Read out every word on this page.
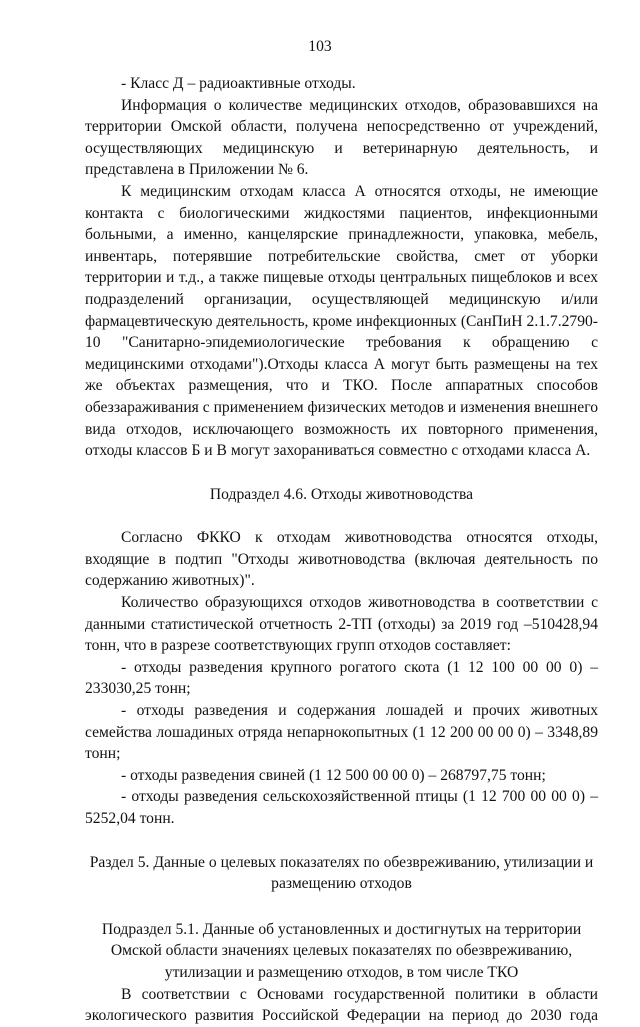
103

- Класс Д – радиоактивные отходы.

Информация о количестве медицинских отходов, образовавшихся на территории Омской области, получена непосредственно от учреждений, осуществляющих медицинскую и ветеринарную деятельность, и представлена в Приложении № 6.

К медицинским отходам класса А относятся отходы, не имеющие контакта с биологическими жидкостями пациентов, инфекционными больными, а именно, канцелярские принадлежности, упаковка, мебель, инвентарь, потерявшие потребительские свойства, смет от уборки территории и т.д., а также пищевые отходы центральных пищеблоков и всех подразделений организации, осуществляющей медицинскую и/или фармацевтическую деятельность, кроме инфекционных (СанПиН 2.1.7.2790-10 "Санитарно-эпидемиологические требования к обращению с медицинскими отходами").Отходы класса А могут быть размещены на тех же объектах размещения, что и ТКО. После аппаратных способов обеззараживания с применением физических методов и изменения внешнего вида отходов, исключающего возможность их повторного применения, отходы классов Б и В могут захораниваться совместно с отходами класса А.

Подраздел 4.6. Отходы животноводства

Согласно ФККО к отходам животноводства относятся отходы, входящие в подтип "Отходы животноводства (включая деятельность по содержанию животных)".

Количество образующихся отходов животноводства в соответствии с данными статистической отчетность 2-ТП (отходы) за 2019 год –510428,94 тонн, что в разрезе соответствующих групп отходов составляет:

- отходы разведения крупного рогатого скота (1 12 100 00 00 0) – 233030,25 тонн;

- отходы разведения и содержания лошадей и прочих животных семейства лошадиных отряда непарнокопытных (1 12 200 00 00 0) – 3348,89 тонн;

- отходы разведения свиней (1 12 500 00 00 0) – 268797,75 тонн;

- отходы разведения сельскохозяйственной птицы (1 12 700 00 00 0) – 5252,04 тонн.

Раздел 5. Данные о целевых показателях по обезвреживанию, утилизации и размещению отходов

Подраздел 5.1. Данные об установленных и достигнутых на территории Омской области значениях целевых показателях по обезвреживанию, утилизации и размещению отходов, в том числе ТКО

В соответствии с Основами государственной политики в области экологического развития Российской Федерации на период до 2030 года
